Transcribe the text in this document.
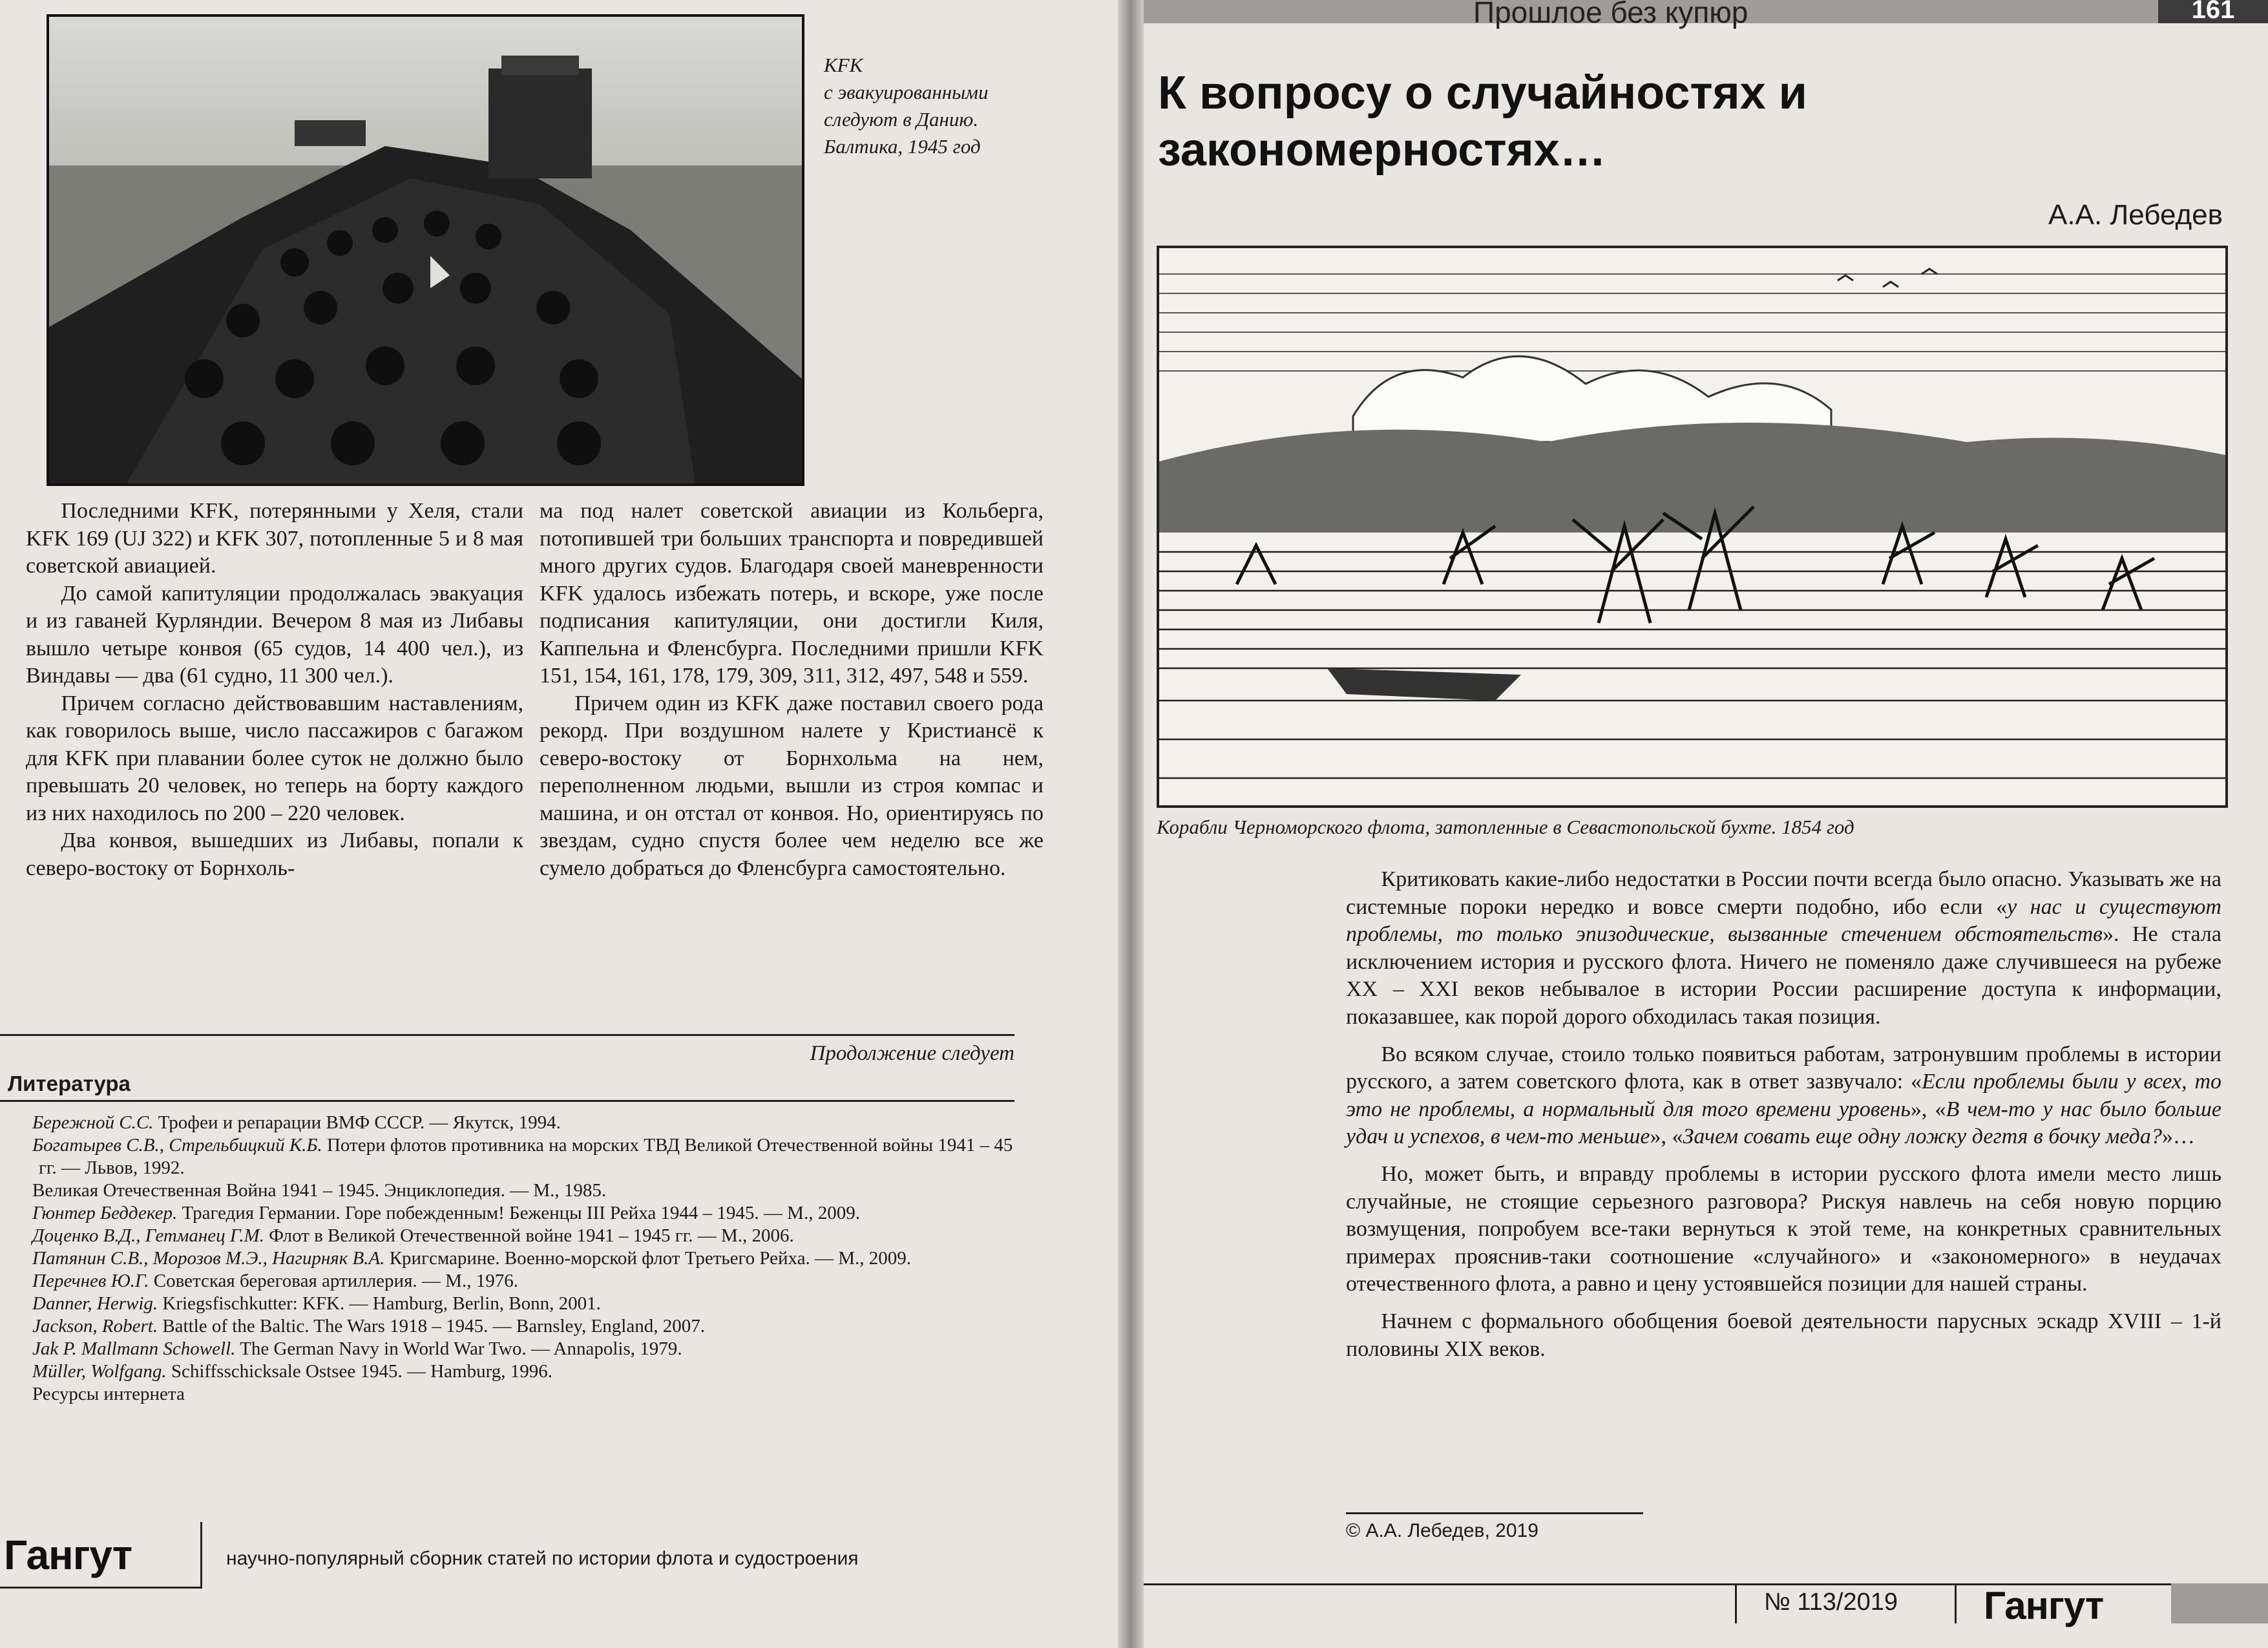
KFK
с эвакуированными
следуют в Данию.
Балтика, 1945 год

Последними KFK, потерянными у Хеля, стали KFK 169 (UJ 322) и KFK 307, потопленные 5 и 8 мая советской авиацией.

До самой капитуляции продолжалась эвакуация и из гаваней Курляндии. Вечером 8 мая из Либавы вышло четыре конвоя (65 судов, 14 400 чел.), из Виндавы — два (61 судно, 11 300 чел.).

Причем согласно действовавшим наставлениям, как говорилось выше, число пассажиров с багажом для KFK при плавании более суток не должно было превышать 20 человек, но теперь на борту каждого из них находилось по 200 – 220 человек.

Два конвоя, вышедших из Либавы, попали к северо-востоку от Борнхоль-

ма под налет советской авиации из Кольберга, потопившей три больших транспорта и повредившей много других судов. Благодаря своей маневренности KFK удалось избежать потерь, и вскоре, уже после подписания капитуляции, они достигли Киля, Каппельна и Фленсбурга. Последними пришли KFK 151, 154, 161, 178, 179, 309, 311, 312, 497, 548 и 559.

Причем один из KFK даже поставил своего рода рекорд. При воздушном налете у Кристиансё к северо-востоку от Борнхольма на нем, переполненном людьми, вышли из строя компас и машина, и он отстал от конвоя. Но, ориентируясь по звездам, судно спустя более чем неделю все же сумело добраться до Фленсбурга самостоятельно.

Продолжение следует
Литература
Бережной С.С. Трофеи и репарации ВМФ СССР. — Якутск, 1994.
Богатырев С.В., Стрельбицкий К.Б. Потери флотов противника на морских ТВД Великой Отечественной войны 1941 – 45 гг. — Львов, 1992.
Великая Отечественная Война 1941 – 1945. Энциклопедия. — М., 1985.
Гюнтер Беддекер. Трагедия Германии. Горе побежденным! Беженцы III Рейха 1944 – 1945. — М., 2009.
Доценко В.Д., Гетманец Г.М. Флот в Великой Отечественной войне 1941 – 1945 гг. — М., 2006.
Патянин С.В., Морозов М.Э., Нагирняк В.А. Кригсмарине. Военно-морской флот Третьего Рейха. — М., 2009.
Перечнев Ю.Г. Советская береговая артиллерия. — М., 1976.
Danner, Herwig. Kriegsfischkutter: KFK. — Hamburg, Berlin, Bonn, 2001.
Jackson, Robert. Battle of the Baltic. The Wars 1918 – 1945. — Barnsley, England, 2007.
Jak P. Mallmann Schowell. The German Navy in World War Two. — Annapolis, 1979.
Müller, Wolfgang. Schiffsschicksale Ostsee 1945. — Hamburg, 1996.
Ресурсы интернета
Гангут	научно-популярный сборник статей по истории флота и судостроения
Прошлое без купюр	161
К вопросу о случайностях и закономерностях…
А.А. Лебедев
Корабли Черноморского флота, затопленные в Севастопольской бухте. 1854 год

Критиковать какие-либо недостатки в России почти всегда было опасно. Указывать же на системные пороки нередко и вовсе смерти подобно, ибо если «у нас и существуют проблемы, то только эпизодические, вызванные стечением обстоятельств». Не стала исключением история и русского флота. Ничего не поменяло даже случившееся на рубеже XX – XXI веков небывалое в истории России расширение доступа к информации, показавшее, как порой дорого обходилась такая позиция.

Во всяком случае, стоило только появиться работам, затронувшим проблемы в истории русского, а затем советского флота, как в ответ зазвучало: «Если проблемы были у всех, то это не проблемы, а нормальный для того времени уровень», «В чем-то у нас было больше удач и успехов, в чем-то меньше», «Зачем совать еще одну ложку дегтя в бочку меда?»…

Но, может быть, и вправду проблемы в истории русского флота имели место лишь случайные, не стоящие серьезного разговора? Рискуя навлечь на себя новую порцию возмущения, попробуем все-таки вернуться к этой теме, на конкретных сравнительных примерах прояснив-таки соотношение «случайного» и «закономерного» в неудачах отечественного флота, а равно и цену устоявшейся позиции для нашей страны.

Начнем с формального обобщения боевой деятельности парусных эскадр XVIII – 1-й половины XIX веков.

© А.А. Лебедев, 2019
№ 113/2019 Гангут
